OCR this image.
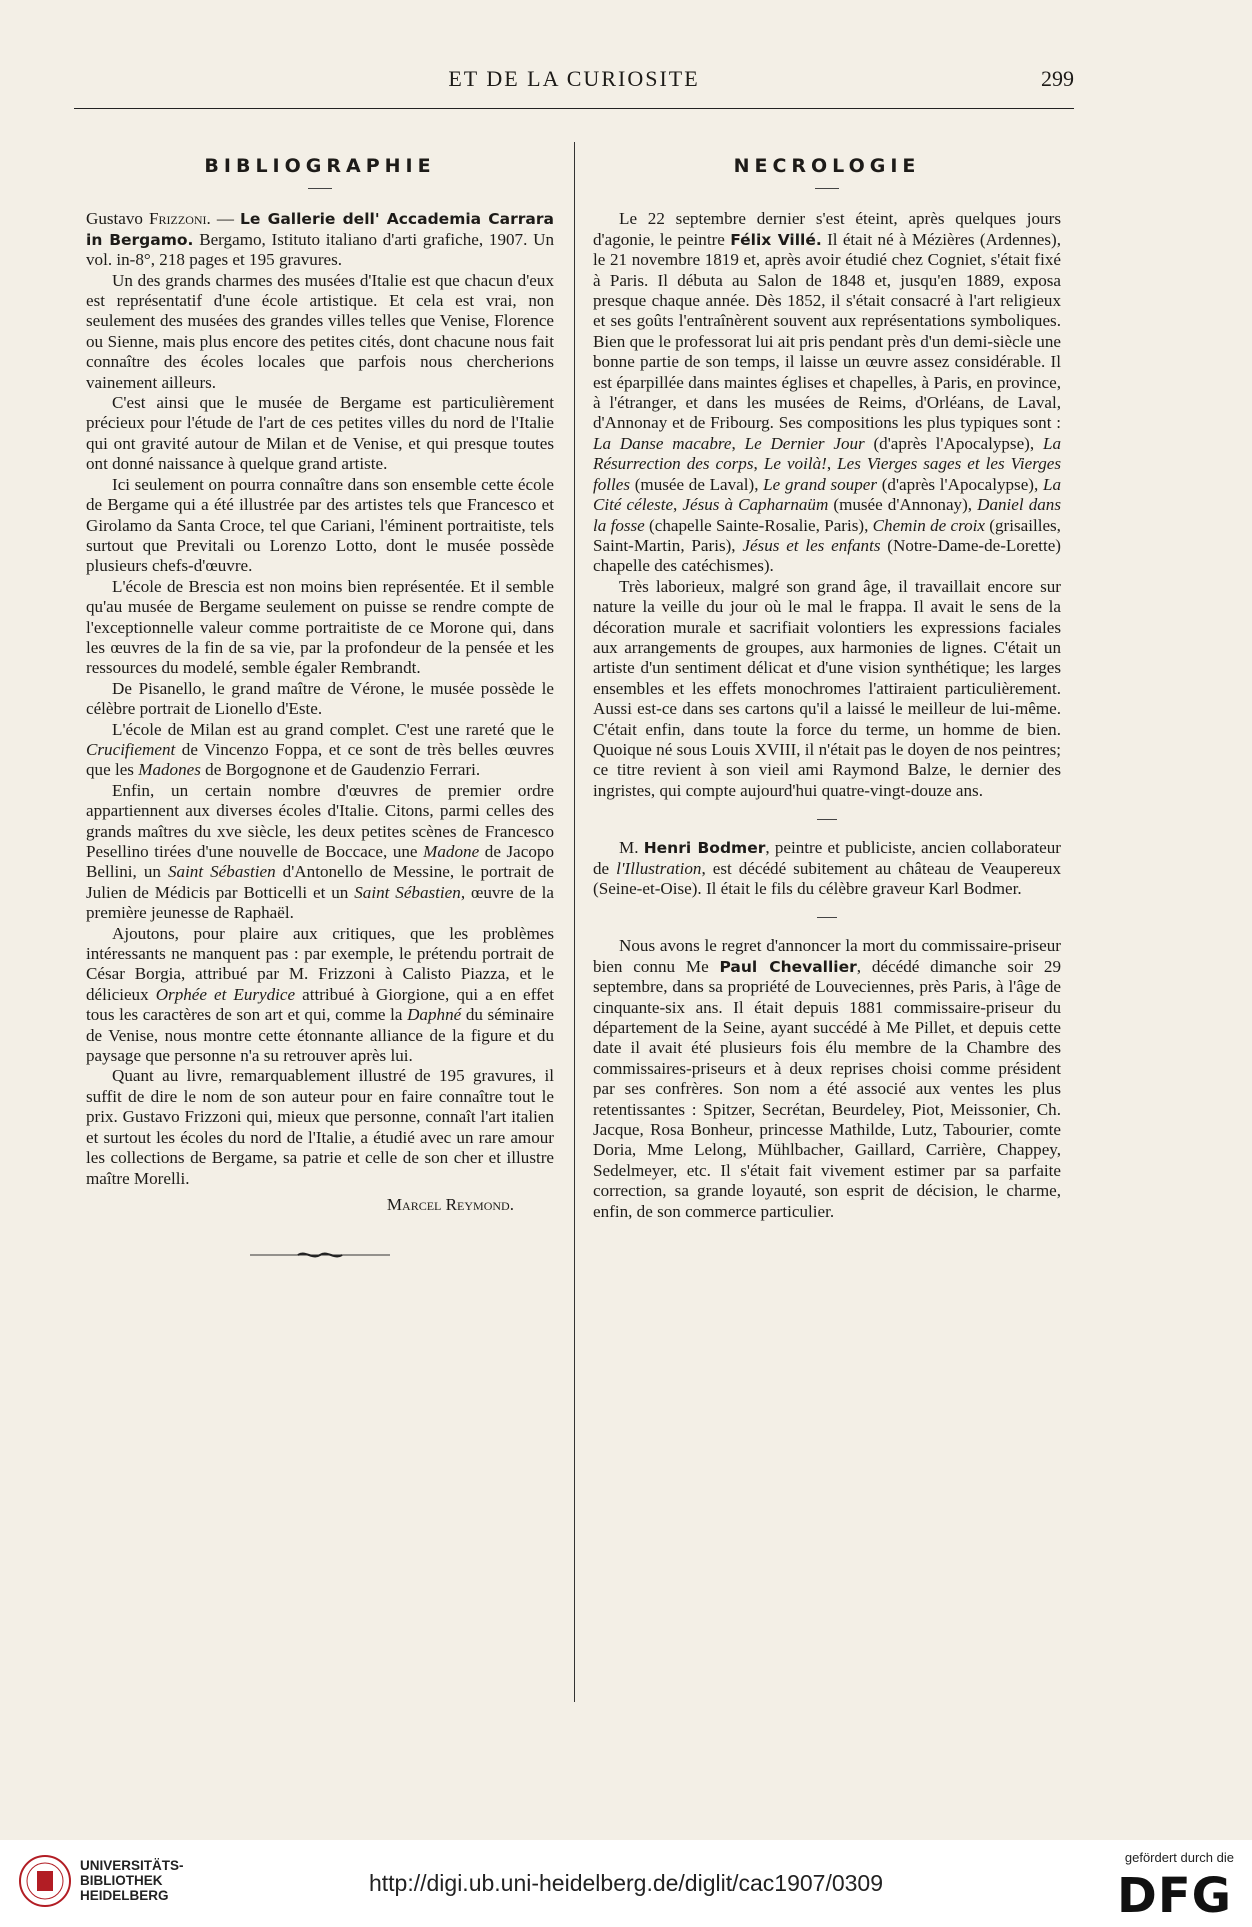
ET DE LA CURIOSITE	299
BIBLIOGRAPHIE

Gustavo Frizzoni. — Le Gallerie dell' Accademia Carrara in Bergamo. Bergamo, Istituto italiano d'arti grafiche, 1907. Un vol. in-8°, 218 pages et 195 gravures.

Un des grands charmes des musées d'Italie est que chacun d'eux est représentatif d'une école artistique. Et cela est vrai, non seulement des musées des grandes villes telles que Venise, Florence ou Sienne, mais plus encore des petites cités, dont chacune nous fait connaître des écoles locales que parfois nous chercherions vainement ailleurs.

C'est ainsi que le musée de Bergame est particulièrement précieux pour l'étude de l'art de ces petites villes du nord de l'Italie qui ont gravité autour de Milan et de Venise, et qui presque toutes ont donné naissance à quelque grand artiste.

Ici seulement on pourra connaître dans son ensemble cette école de Bergame qui a été illustrée par des artistes tels que Francesco et Girolamo da Santa Croce, tel que Cariani, l'éminent portraitiste, tels surtout que Previtali ou Lorenzo Lotto, dont le musée possède plusieurs chefs-d'œuvre.

L'école de Brescia est non moins bien représentée. Et il semble qu'au musée de Bergame seulement on puisse se rendre compte de l'exceptionnelle valeur comme portraitiste de ce Morone qui, dans les œuvres de la fin de sa vie, par la profondeur de la pensée et les ressources du modelé, semble égaler Rembrandt.

De Pisanello, le grand maître de Vérone, le musée possède le célèbre portrait de Lionello d'Este.

L'école de Milan est au grand complet. C'est une rareté que le Crucifiement de Vincenzo Foppa, et ce sont de très belles œuvres que les Madones de Borgognone et de Gaudenzio Ferrari.

Enfin, un certain nombre d'œuvres de premier ordre appartiennent aux diverses écoles d'Italie. Citons, parmi celles des grands maîtres du xve siècle, les deux petites scènes de Francesco Pesellino tirées d'une nouvelle de Boccace, une Madone de Jacopo Bellini, un Saint Sébastien d'Antonello de Messine, le portrait de Julien de Médicis par Botticelli et un Saint Sébastien, œuvre de la première jeunesse de Raphaël.

Ajoutons, pour plaire aux critiques, que les problèmes intéressants ne manquent pas : par exemple, le prétendu portrait de César Borgia, attribué par M. Frizzoni à Calisto Piazza, et le délicieux Orphée et Eurydice attribué à Giorgione, qui a en effet tous les caractères de son art et qui, comme la Daphné du séminaire de Venise, nous montre cette étonnante alliance de la figure et du paysage que personne n'a su retrouver après lui.

Quant au livre, remarquablement illustré de 195 gravures, il suffit de dire le nom de son auteur pour en faire connaître tout le prix. Gustavo Frizzoni qui, mieux que personne, connaît l'art italien et surtout les écoles du nord de l'Italie, a étudié avec un rare amour les collections de Bergame, sa patrie et celle de son cher et illustre maître Morelli.

Marcel Reymond.
NECROLOGIE

Le 22 septembre dernier s'est éteint, après quelques jours d'agonie, le peintre Félix Villé. Il était né à Mézières (Ardennes), le 21 novembre 1819 et, après avoir étudié chez Cogniet, s'était fixé à Paris. Il débuta au Salon de 1848 et, jusqu'en 1889, exposa presque chaque année. Dès 1852, il s'était consacré à l'art religieux et ses goûts l'entraînèrent souvent aux représentations symboliques. Bien que le professorat lui ait pris pendant près d'un demi-siècle une bonne partie de son temps, il laisse un œuvre assez considérable. Il est éparpillée dans maintes églises et chapelles, à Paris, en province, à l'étranger, et dans les musées de Reims, d'Orléans, de Laval, d'Annonay et de Fribourg. Ses compositions les plus typiques sont : La Danse macabre, Le Dernier Jour (d'après l'Apocalypse), La Résurrection des corps, Le voilà!, Les Vierges sages et les Vierges folles (musée de Laval), Le grand souper (d'après l'Apocalypse), La Cité céleste, Jésus à Capharnaüm (musée d'Annonay), Daniel dans la fosse (chapelle Sainte-Rosalie, Paris), Chemin de croix (grisailles, Saint-Martin, Paris), Jésus et les enfants (Notre-Dame-de-Lorette) chapelle des catéchismes).

Très laborieux, malgré son grand âge, il travaillait encore sur nature la veille du jour où le mal le frappa. Il avait le sens de la décoration murale et sacrifiait volontiers les expressions faciales aux arrangements de groupes, aux harmonies de lignes. C'était un artiste d'un sentiment délicat et d'une vision synthétique; les larges ensembles et les effets monochromes l'attiraient particulièrement. Aussi est-ce dans ses cartons qu'il a laissé le meilleur de lui-même. C'était enfin, dans toute la force du terme, un homme de bien. Quoique né sous Louis XVIII, il n'était pas le doyen de nos peintres; ce titre revient à son vieil ami Raymond Balze, le dernier des ingristes, qui compte aujourd'hui quatre-vingt-douze ans.

M. Henri Bodmer, peintre et publiciste, ancien collaborateur de l'Illustration, est décédé subitement au château de Veaupereux (Seine-et-Oise). Il était le fils du célèbre graveur Karl Bodmer.

Nous avons le regret d'annoncer la mort du commissaire-priseur bien connu Me Paul Chevallier, décédé dimanche soir 29 septembre, dans sa propriété de Louveciennes, près Paris, à l'âge de cinquante-six ans. Il était depuis 1881 commissaire-priseur du département de la Seine, ayant succédé à Me Pillet, et depuis cette date il avait été plusieurs fois élu membre de la Chambre des commissaires-priseurs et à deux reprises choisi comme président par ses confrères. Son nom a été associé aux ventes les plus retentissantes : Spitzer, Secrétan, Beurdeley, Piot, Meissonier, Ch. Jacque, Rosa Bonheur, princesse Mathilde, Lutz, Tabourier, comte Doria, Mme Lelong, Mühlbacher, Gaillard, Carrière, Chappey, Sedelmeyer, etc. Il s'était fait vivement estimer par sa parfaite correction, sa grande loyauté, son esprit de décision, le charme, enfin, de son commerce particulier.

UNIVERSITÄTS-
BIBLIOTHEK
HEIDELBERG	http://digi.ub.uni-heidelberg.de/diglit/cac1907/0309
gefördert durch die
DFG
